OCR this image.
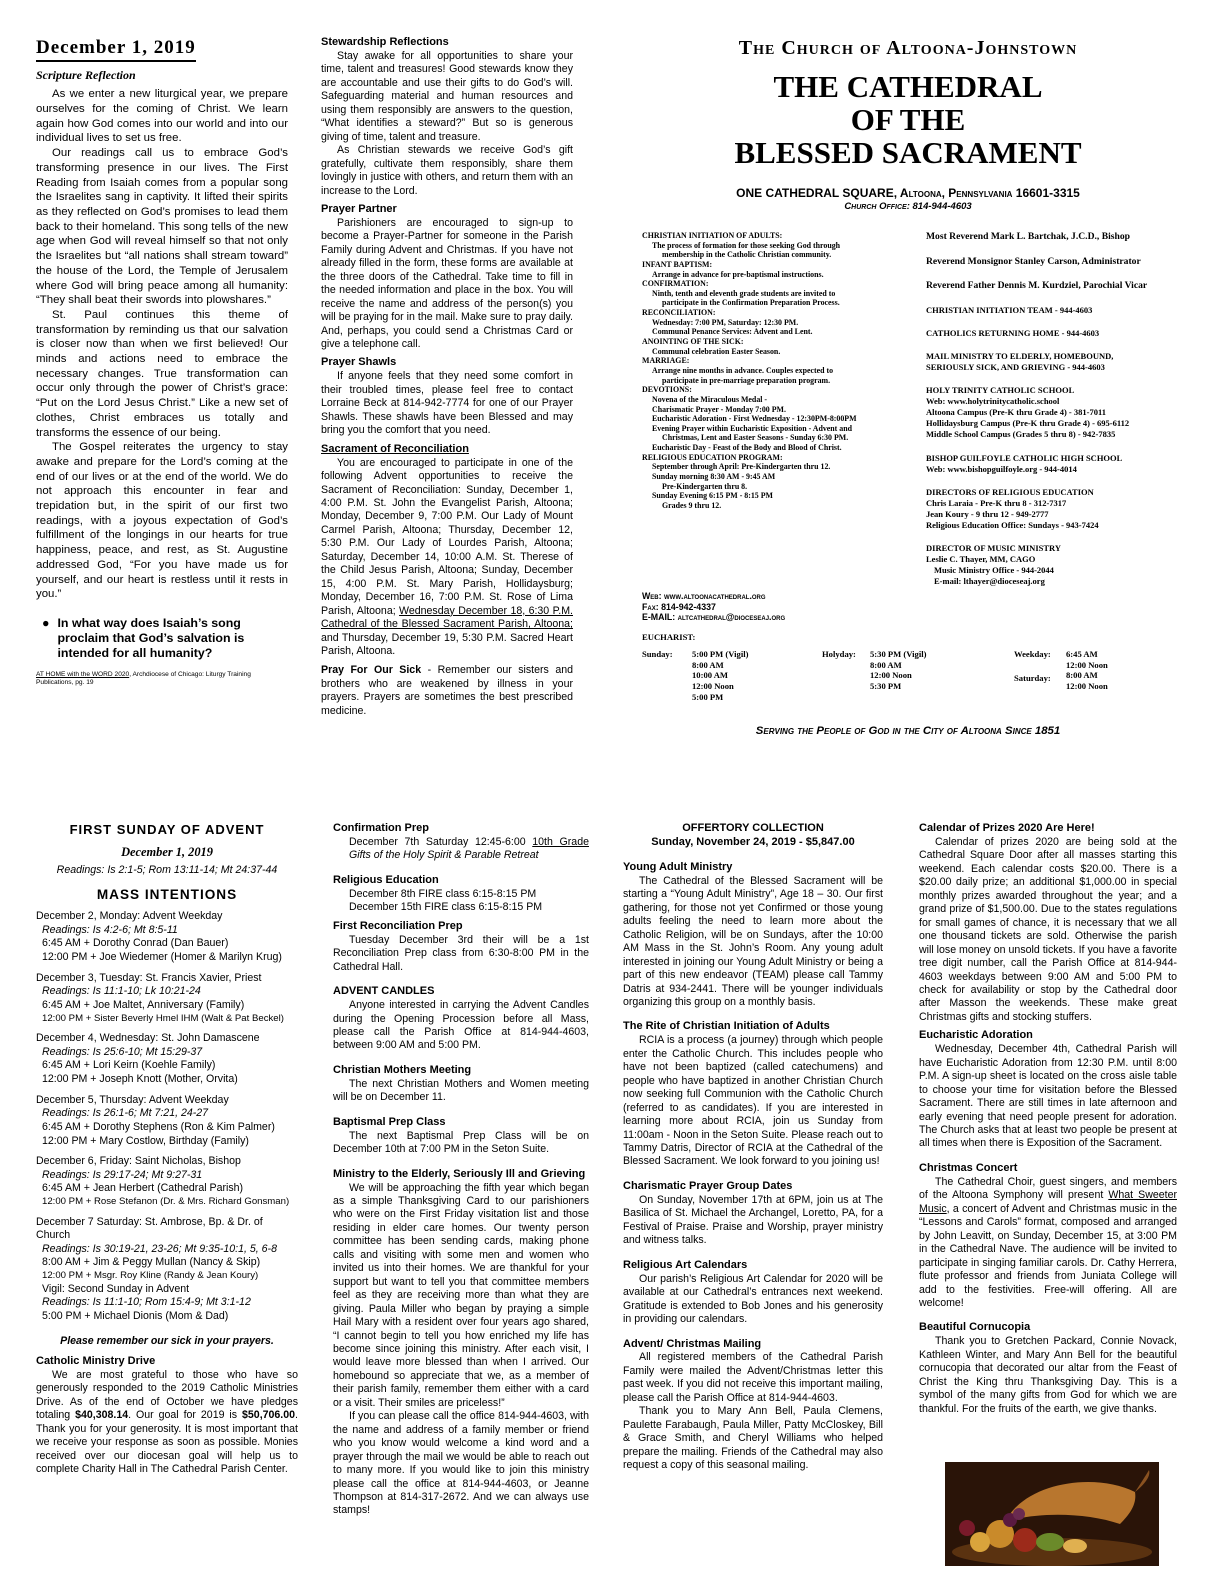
December 1, 2019
Scripture Reflection

As we enter a new liturgical year, we prepare ourselves for the coming of Christ. We learn again how God comes into our world and into our individual lives to set us free.

Our readings call us to embrace God’s transforming presence in our lives. The First Reading from Isaiah comes from a popular song the Israelites sang in captivity. It lifted their spirits as they reflected on God’s promises to lead them back to their homeland. This song tells of the new age when God will reveal himself so that not only the Israelites but “all nations shall stream toward” the house of the Lord, the Temple of Jerusalem where God will bring peace among all humanity: “They shall beat their swords into plowshares.”

St. Paul continues this theme of transformation by reminding us that our salvation is closer now than when we first believed! Our minds and actions need to embrace the necessary changes. True transformation can occur only through the power of Christ’s grace: “Put on the Lord Jesus Christ.” Like a new set of clothes, Christ embraces us totally and transforms the essence of our being.

The Gospel reiterates the urgency to stay awake and prepare for the Lord’s coming at the end of our lives or at the end of the world. We do not approach this encounter in fear and trepidation but, in the spirit of our first two readings, with a joyous expectation of God’s fulfillment of the longings in our hearts for true happiness, peace, and rest, as St. Augustine addressed God, “For you have made us for yourself, and our heart is restless until it rests in you.”

● In what way does Isaiah’s song proclaim that God’s salvation is intended for all humanity?
AT HOME with the WORD 2020, Archdiocese of Chicago: Liturgy Training Publications, pg. 19
Stewardship Reflections

Stay awake for all opportunities to share your time, talent and treasures! Good stewards know they are accountable and use their gifts to do God’s will. Safeguarding material and human resources and using them responsibly are answers to the question, “What identifies a steward?” But so is generous giving of time, talent and treasure.

As Christian stewards we receive God’s gift gratefully, cultivate them responsibly, share them lovingly in justice with others, and return them with an increase to the Lord.

Prayer Partner

Parishioners are encouraged to sign-up to become a Prayer-Partner for someone in the Parish Family during Advent and Christmas. If you have not already filled in the form, these forms are available at the three doors of the Cathedral. Take time to fill in the needed information and place in the box. You will receive the name and address of the person(s) you will be praying for in the mail. Make sure to pray daily. And, perhaps, you could send a Christmas Card or give a telephone call.

Prayer Shawls

If anyone feels that they need some comfort in their troubled times, please feel free to contact Lorraine Beck at 814-942-7774 for one of our Prayer Shawls. These shawls have been Blessed and may bring you the comfort that you need.

Sacrament of Reconciliation

You are encouraged to participate in one of the following Advent opportunities to receive the Sacrament of Reconciliation: Sunday, December 1, 4:00 P.M. St. John the Evangelist Parish, Altoona; Monday, December 9, 7:00 P.M. Our Lady of Mount Carmel Parish, Altoona; Thursday, December 12, 5:30 P.M. Our Lady of Lourdes Parish, Altoona; Saturday, December 14, 10:00 A.M. St. Therese of the Child Jesus Parish, Altoona; Sunday, December 15, 4:00 P.M. St. Mary Parish, Hollidaysburg; Monday, December 16, 7:00 P.M. St. Rose of Lima Parish, Altoona; Wednesday December 18, 6:30 P.M. Cathedral of the Blessed Sacrament Parish, Altoona; and Thursday, December 19, 5:30 P.M. Sacred Heart Parish, Altoona.

Pray For Our Sick - Remember our sisters and brothers who are weakened by illness in your prayers. Prayers are sometimes the best prescribed medicine.

The Church of Altoona-Johnstown
THE CATHEDRAL
OF THE
BLESSED SACRAMENT
ONE CATHEDRAL SQUARE, Altoona, Pennsylvania 16601-3315
Church Office: 814-944-4603
CHRISTIAN INITIATION OF ADULTS:
The process of formation for those seeking God through
membership in the Catholic Christian community.
INFANT BAPTISM:
Arrange in advance for pre-baptismal instructions.
CONFIRMATION:
Ninth, tenth and eleventh grade students are invited to
participate in the Confirmation Preparation Process.
RECONCILIATION:
Wednesday: 7:00 PM, Saturday: 12:30 PM.
Communal Penance Services: Advent and Lent.
ANOINTING OF THE SICK:
Communal celebration Easter Season.
MARRIAGE:
Arrange nine months in advance. Couples expected to
participate in pre-marriage preparation program.
DEVOTIONS:
Novena of the Miraculous Medal -
Charismatic Prayer - Monday 7:00 PM.
Eucharistic Adoration - First Wednesday - 12:30PM-8:00PM
Evening Prayer within Eucharistic Exposition - Advent and
Christmas, Lent and Easter Seasons - Sunday 6:30 PM.
Eucharistic Day - Feast of the Body and Blood of Christ.
RELIGIOUS EDUCATION PROGRAM:
September through April: Pre-Kindergarten thru 12.
Sunday morning 8:30 AM - 9:45 AM
Pre-Kindergarten thru 8.
Sunday Evening 6:15 PM - 8:15 PM
Grades 9 thru 12.
Most Reverend Mark L. Bartchak, J.C.D., Bishop
Reverend Monsignor Stanley Carson, Administrator
Reverend Father Dennis M. Kurdziel, Parochial Vicar
CHRISTIAN INITIATION TEAM - 944-4603
CATHOLICS RETURNING HOME - 944-4603
MAIL MINISTRY TO ELDERLY, HOMEBOUND,
SERIOUSLY SICK, AND GRIEVING - 944-4603
HOLY TRINITY CATHOLIC SCHOOL
Web: www.holytrinitycatholic.school
Altoona Campus (Pre-K thru Grade 4) - 381-7011
Hollidaysburg Campus (Pre-K thru Grade 4) - 695-6112
Middle School Campus (Grades 5 thru 8) - 942-7835
BISHOP GUILFOYLE CATHOLIC HIGH SCHOOL
Web: www.bishopguilfoyle.org - 944-4014
DIRECTORS OF RELIGIOUS EDUCATION
Chris Laraia - Pre-K thru 8 - 312-7317
Jean Koury - 9 thru 12 - 949-2777
Religious Education Office: Sundays - 943-7424
DIRECTOR OF MUSIC MINISTRY
Leslie C. Thayer, MM, CAGO
Music Ministry Office - 944-2044
E-mail: lthayer@dioceseaj.org
Web: www.altoonacathedral.org
Fax: 814-942-4337
E-MAIL: altcathedral@dioceseaj.org
EUCHARIST:
Sunday:	5:00 PM (Vigil)
8:00 AM
10:00 AM
12:00 Noon
5:00 PM
Holyday:	5:30 PM (Vigil)
8:00 AM
12:00 Noon
5:30 PM
Weekday:
Saturday:
6:45 AM
12:00 Noon
8:00 AM
12:00 Noon
Serving the People of God in the City of Altoona Since 1851
FIRST SUNDAY OF ADVENT
December 1, 2019
Readings: Is 2:1-5; Rom 13:11-14; Mt 24:37-44
MASS INTENTIONS
December 2, Monday: Advent Weekday
Readings: Is 4:2-6; Mt 8:5-11
6:45 AM + Dorothy Conrad (Dan Bauer)
12:00 PM + Joe Wiedemer (Homer & Marilyn Krug)
December 3, Tuesday: St. Francis Xavier, Priest
Readings: Is 11:1-10; Lk 10:21-24
6:45 AM + Joe Maltet, Anniversary (Family)
12:00 PM + Sister Beverly Hmel IHM (Walt & Pat Beckel)
December 4, Wednesday: St. John Damascene
Readings: Is 25:6-10; Mt 15:29-37
6:45 AM + Lori Keirn (Koehle Family)
12:00 PM + Joseph Knott (Mother, Orvita)
December 5, Thursday: Advent Weekday
Readings: Is 26:1-6; Mt 7:21, 24-27
6:45 AM + Dorothy Stephens (Ron & Kim Palmer)
12:00 PM + Mary Costlow, Birthday (Family)
December 6, Friday: Saint Nicholas, Bishop
Readings: Is 29:17-24; Mt 9:27-31
6:45 AM + Jean Herbert (Cathedral Parish)
12:00 PM + Rose Stefanon (Dr. & Mrs. Richard Gonsman)
December 7 Saturday: St. Ambrose, Bp. & Dr. of Church
Readings: Is 30:19-21, 23-26; Mt 9:35-10:1, 5, 6-8
8:00 AM + Jim & Peggy Mullan (Nancy & Skip)
12:00 PM + Msgr. Roy Kline (Randy & Jean Koury)
Vigil: Second Sunday in Advent
Readings: Is 11:1-10; Rom 15:4-9; Mt 3:1-12
5:00 PM + Michael Dionis (Mom & Dad)
Please remember our sick in your prayers.
Catholic Ministry Drive

We are most grateful to those who have so generously responded to the 2019 Catholic Ministries Drive. As of the end of October we have pledges totaling $40,308.14. Our goal for 2019 is $50,706.00. Thank you for your generosity. It is most important that we receive your response as soon as possible. Monies received over our diocesan goal will help us to complete Charity Hall in The Cathedral Parish Center.

Confirmation Prep

December 7th Saturday 12:45-6:00 10th Grade Gifts of the Holy Spirit & Parable Retreat

Religious Education
December 8th FIRE class 6:15-8:15 PM
December 15th FIRE class 6:15-8:15 PM
First Reconciliation Prep

Tuesday December 3rd their will be a 1st Reconciliation Prep class from 6:30-8:00 PM in the Cathedral Hall.

ADVENT CANDLES

Anyone interested in carrying the Advent Candles during the Opening Procession before all Mass, please call the Parish Office at 814-944-4603, between 9:00 AM and 5:00 PM.

Christian Mothers Meeting

The next Christian Mothers and Women meeting will be on December 11.

Baptismal Prep Class

The next Baptismal Prep Class will be on December 10th at 7:00 PM in the Seton Suite.

Ministry to the Elderly, Seriously Ill and Grieving

We will be approaching the fifth year which began as a simple Thanksgiving Card to our parishioners who were on the First Friday visitation list and those residing in elder care homes. Our twenty person committee has been sending cards, making phone calls and visiting with some men and women who invited us into their homes. We are thankful for your support but want to tell you that committee members feel as they are receiving more than what they are giving. Paula Miller who began by praying a simple Hail Mary with a resident over four years ago shared, “I cannot begin to tell you how enriched my life has become since joining this ministry. After each visit, I would leave more blessed than when I arrived. Our homebound so appreciate that we, as a member of their parish family, remember them either with a card or a visit. Their smiles are priceless!”

If you can please call the office 814-944-4603, with the name and address of a family member or friend who you know would welcome a kind word and a prayer through the mail we would be able to reach out to many more. If you would like to join this ministry please call the office at 814-944-4603, or Jeanne Thompson at 814-317-2672. And we can always use stamps!

OFFERTORY COLLECTION
Sunday, November 24, 2019 - $5,847.00
Young Adult Ministry

The Cathedral of the Blessed Sacrament will be starting a “Young Adult Ministry”, Age 18 – 30. Our first gathering, for those not yet Confirmed or those young adults feeling the need to learn more about the Catholic Religion, will be on Sundays, after the 10:00 AM Mass in the St. John’s Room. Any young adult interested in joining our Young Adult Ministry or being a part of this new endeavor (TEAM) please call Tammy Datris at 934-2441. There will be younger individuals organizing this group on a monthly basis.

The Rite of Christian Initiation of Adults

RCIA is a process (a journey) through which people enter the Catholic Church. This includes people who have not been baptized (called catechumens) and people who have baptized in another Christian Church now seeking full Communion with the Catholic Church (referred to as candidates). If you are interested in learning more about RCIA, join us Sunday from 11:00am - Noon in the Seton Suite. Please reach out to Tammy Datris, Director of RCIA at the Cathedral of the Blessed Sacrament. We look forward to you joining us!

Charismatic Prayer Group Dates

On Sunday, November 17th at 6PM, join us at The Basilica of St. Michael the Archangel, Loretto, PA, for a Festival of Praise. Praise and Worship, prayer ministry and witness talks.

Religious Art Calendars

Our parish’s Religious Art Calendar for 2020 will be available at our Cathedral’s entrances next weekend. Gratitude is extended to Bob Jones and his generosity in providing our calendars.

Advent/ Christmas Mailing

All registered members of the Cathedral Parish Family were mailed the Advent/Christmas letter this past week. If you did not receive this important mailing, please call the Parish Office at 814-944-4603.

Thank you to Mary Ann Bell, Paula Clemens, Paulette Farabaugh, Paula Miller, Patty McCloskey, Bill & Grace Smith, and Cheryl Williams who helped prepare the mailing. Friends of the Cathedral may also request a copy of this seasonal mailing.

Calendar of Prizes 2020 Are Here!

Calendar of prizes 2020 are being sold at the Cathedral Square Door after all masses starting this weekend. Each calendar costs $20.00. There is a $20.00 daily prize; an additional $1,000.00 in special monthly prizes awarded throughout the year; and a grand prize of $1,500.00. Due to the states regulations for small games of chance, it is necessary that we all one thousand tickets are sold. Otherwise the parish will lose money on unsold tickets. If you have a favorite tree digit number, call the Parish Office at 814-944-4603 weekdays between 9:00 AM and 5:00 PM to check for availability or stop by the Cathedral door after Masson the weekends. These make great Christmas gifts and stocking stuffers.

Eucharistic Adoration

Wednesday, December 4th, Cathedral Parish will have Eucharistic Adoration from 12:30 P.M. until 8:00 P.M. A sign-up sheet is located on the cross aisle table to choose your time for visitation before the Blessed Sacrament. There are still times in late afternoon and early evening that need people present for adoration. The Church asks that at least two people be present at all times when there is Exposition of the Sacrament.

Christmas Concert

The Cathedral Choir, guest singers, and members of the Altoona Symphony will present What Sweeter Music, a concert of Advent and Christmas music in the “Lessons and Carols” format, composed and arranged by John Leavitt, on Sunday, December 15, at 3:00 PM in the Cathedral Nave. The audience will be invited to participate in singing familiar carols. Dr. Cathy Herrera, flute professor and friends from Juniata College will add to the festivities. Free-will offering. All are welcome!

Beautiful Cornucopia

Thank you to Gretchen Packard, Connie Novack, Kathleen Winter, and Mary Ann Bell for the beautiful cornucopia that decorated our altar from the Feast of Christ the King thru Thanksgiving Day. This is a symbol of the many gifts from God for which we are thankful. For the fruits of the earth, we give thanks.
